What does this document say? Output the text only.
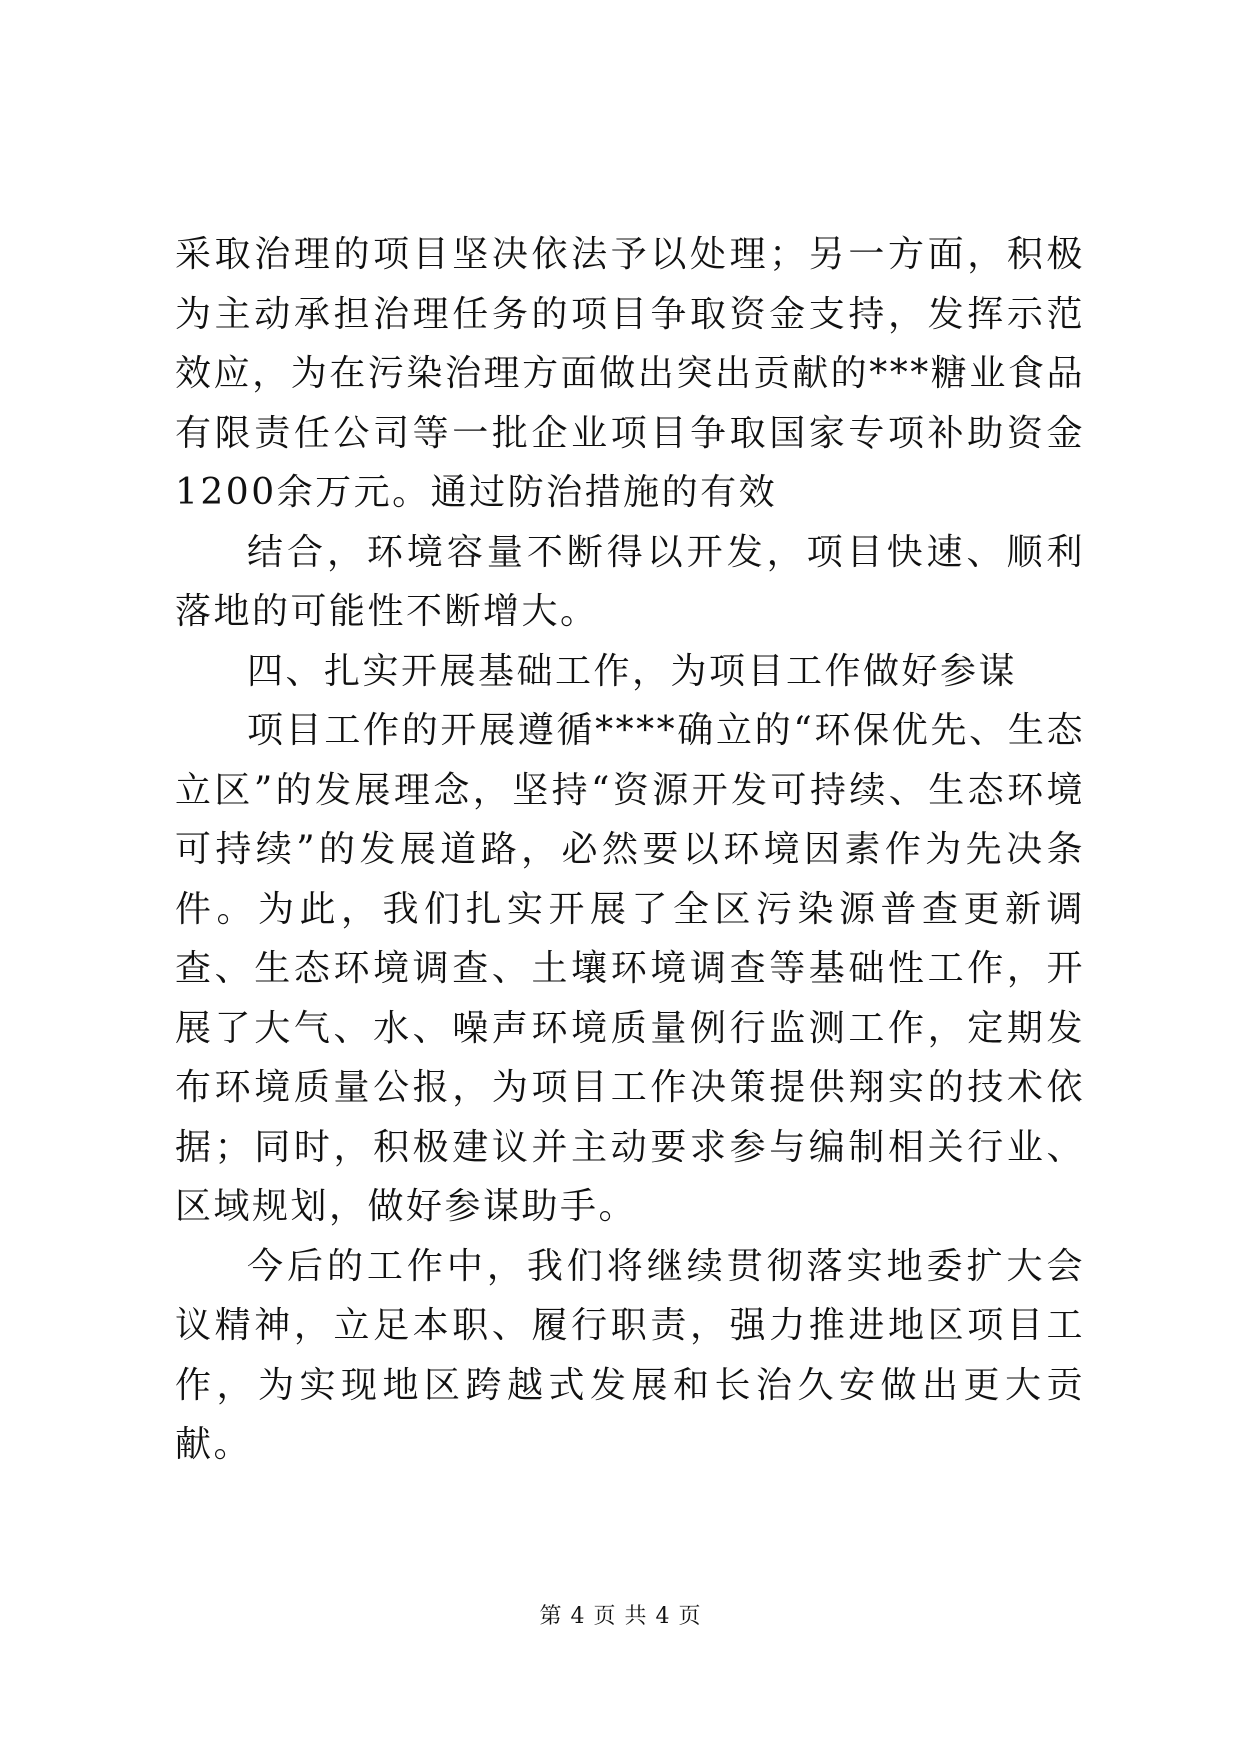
采取治理的项目坚决依法予以处理；另一方面，积极为主动承担治理任务的项目争取资金支持，发挥示范效应，为在污染治理方面做出突出贡献的***糖业食品有限责任公司等一批企业项目争取国家专项补助资金1200余万元。通过防治措施的有效

结合，环境容量不断得以开发，项目快速、顺利落地的可能性不断增大。

四、扎实开展基础工作，为项目工作做好参谋

项目工作的开展遵循****确立的“环保优先、生态立区”的发展理念，坚持“资源开发可持续、生态环境可持续”的发展道路，必然要以环境因素作为先决条件。为此，我们扎实开展了全区污染源普查更新调查、生态环境调查、土壤环境调查等基础性工作，开展了大气、水、噪声环境质量例行监测工作，定期发布环境质量公报，为项目工作决策提供翔实的技术依据；同时，积极建议并主动要求参与编制相关行业、区域规划，做好参谋助手。

今后的工作中，我们将继续贯彻落实地委扩大会议精神，立足本职、履行职责，强力推进地区项目工作，为实现地区跨越式发展和长治久安做出更大贡献。

第 4 页 共 4 页
